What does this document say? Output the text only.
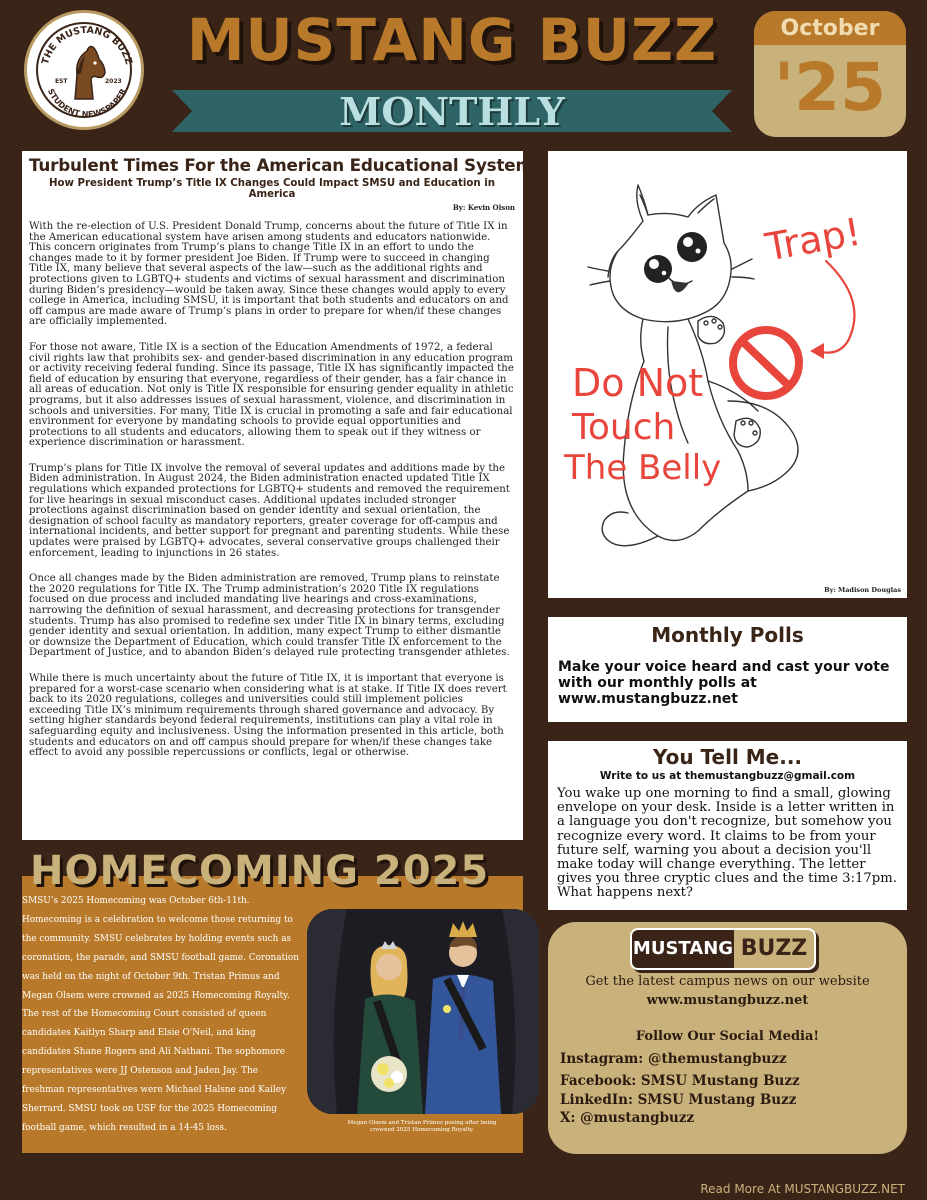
THE MUSTANG BUZZ
STUDENT NEWSPAPER
EST	2023
MUSTANG BUZZ
MONTHLY
October
'25
Turbulent Times For the American Educational System:
How President Trump’s Title IX Changes Could Impact SMSU and Education in America
By: Kevin Olson

With the re-election of U.S. President Donald Trump, concerns about the future of Title IX in the American educational system have arisen among students and educators nationwide. This concern originates from Trump’s plans to change Title IX in an effort to undo the changes made to it by former president Joe Biden. If Trump were to succeed in changing Title IX, many believe that several aspects of the law—such as the additional rights and protections given to LGBTQ+ students and victims of sexual harassment and discrimination during Biden’s presidency—would be taken away. Since these changes would apply to every college in America, including SMSU, it is important that both students and educators on and off campus are made aware of Trump’s plans in order to prepare for when/if these changes are officially implemented.

For those not aware, Title IX is a section of the Education Amendments of 1972, a federal civil rights law that prohibits sex- and gender-based discrimination in any education program or activity receiving federal funding. Since its passage, Title IX has significantly impacted the field of education by ensuring that everyone, regardless of their gender, has a fair chance in all areas of education. Not only is Title IX responsible for ensuring gender equality in athletic programs, but it also addresses issues of sexual harassment, violence, and discrimination in schools and universities. For many, Title IX is crucial in promoting a safe and fair educational environment for everyone by mandating schools to provide equal opportunities and protections to all students and educators, allowing them to speak out if they witness or experience discrimination or harassment.

Trump’s plans for Title IX involve the removal of several updates and additions made by the Biden administration. In August 2024, the Biden administration enacted updated Title IX regulations which expanded protections for LGBTQ+ students and removed the requirement for live hearings in sexual misconduct cases. Additional updates included stronger protections against discrimination based on gender identity and sexual orientation, the designation of school faculty as mandatory reporters, greater coverage for off-campus and international incidents, and better support for pregnant and parenting students. While these updates were praised by LGBTQ+ advocates, several conservative groups challenged their enforcement, leading to injunctions in 26 states.

Once all changes made by the Biden administration are removed, Trump plans to reinstate the 2020 regulations for Title IX. The Trump administration’s 2020 Title IX regulations focused on due process and included mandating live hearings and cross-examinations, narrowing the definition of sexual harassment, and decreasing protections for transgender students. Trump has also promised to redefine sex under Title IX in binary terms, excluding gender identity and sexual orientation. In addition, many expect Trump to either dismantle or downsize the Department of Education, which could transfer Title IX enforcement to the Department of Justice, and to abandon Biden’s delayed rule protecting transgender athletes.

While there is much uncertainty about the future of Title IX, it is important that everyone is prepared for a worst-case scenario when considering what is at stake. If Title IX does revert back to its 2020 regulations, colleges and universities could still implement policies exceeding Title IX’s minimum requirements through shared governance and advocacy. By setting higher standards beyond federal requirements, institutions can play a vital role in safeguarding equity and inclusiveness. Using the information presented in this article, both students and educators on and off campus should prepare for when/if these changes take effect to avoid any possible repercussions or conflicts, legal or otherwise.

Trap!
Do Not
Touch
The Belly
By: Madison Douglas
Monthly Polls

Make your voice heard and cast your vote with our monthly polls at www.mustangbuzz.net

You Tell Me...
Write to us at themustangbuzz@gmail.com

You wake up one morning to find a small, glowing envelope on your desk. Inside is a letter written in a language you don't recognize, but somehow you recognize every word. It claims to be from your future self, warning you about a decision you'll make today will change everything. The letter gives you three cryptic clues and the time 3:17pm. What happens next?

MUSTANG BUZZ
Get the latest campus news on our website
www.mustangbuzz.net
Follow Our Social Media!
Instagram: @themustangbuzz
Facebook: SMSU Mustang Buzz
LinkedIn: SMSU Mustang Buzz
X: @mustangbuzz
SMSU’s 2025 Homecoming was October 6th-11th. Homecoming is a celebration to welcome those returning to the community. SMSU celebrates by holding events such as coronation, the parade, and SMSU football game. Coronation was held on the night of October 9th. Tristan Primus and Megan Olsem were crowned as 2025 Homecoming Royalty. The rest of the Homecoming Court consisted of queen candidates Kaitlyn Sharp and Elsie O'Neil, and king candidates Shane Rogers and Ali Nathani. The sophomore representatives were JJ Ostenson and Jaden Jay. The freshman representatives were Michael Halsne and Kailey Sherrard. SMSU took on USF for the 2025 Homecoming football game, which resulted in a 14-45 loss.	Megan Olsem and Tristan Primus posing after being crowned 2025 Homecoming Royalty.
HOMECOMING 2025
Read More At MUSTANGBUZZ.NET
